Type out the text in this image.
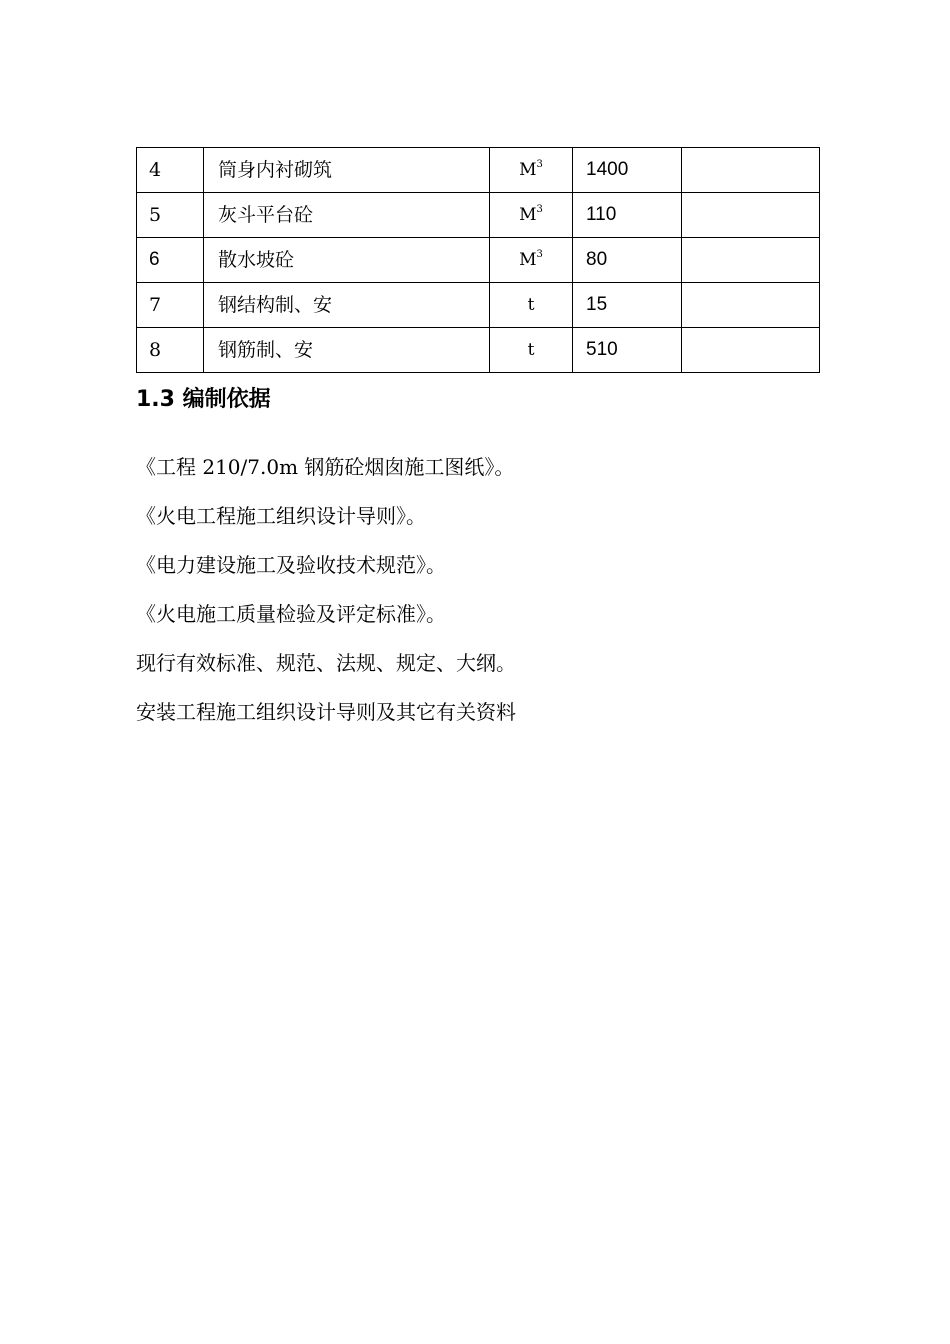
4	筒身内衬砌筑	$M^3$	1400	
5	灰斗平台砼	$M^3$	110	
6	散水坡砼	$M^3$	80	
7	钢结构制、安	t	15	
8	钢筋制、安	t	510	
1.3 编制依据
《工程 210/7.0m 钢筋砼烟囱施工图纸》。
《火电工程施工组织设计导则》。
《电力建设施工及验收技术规范》。
《火电施工质量检验及评定标准》。
现行有效标准、规范、法规、规定、大纲。
安装工程施工组织设计导则及其它有关资料
